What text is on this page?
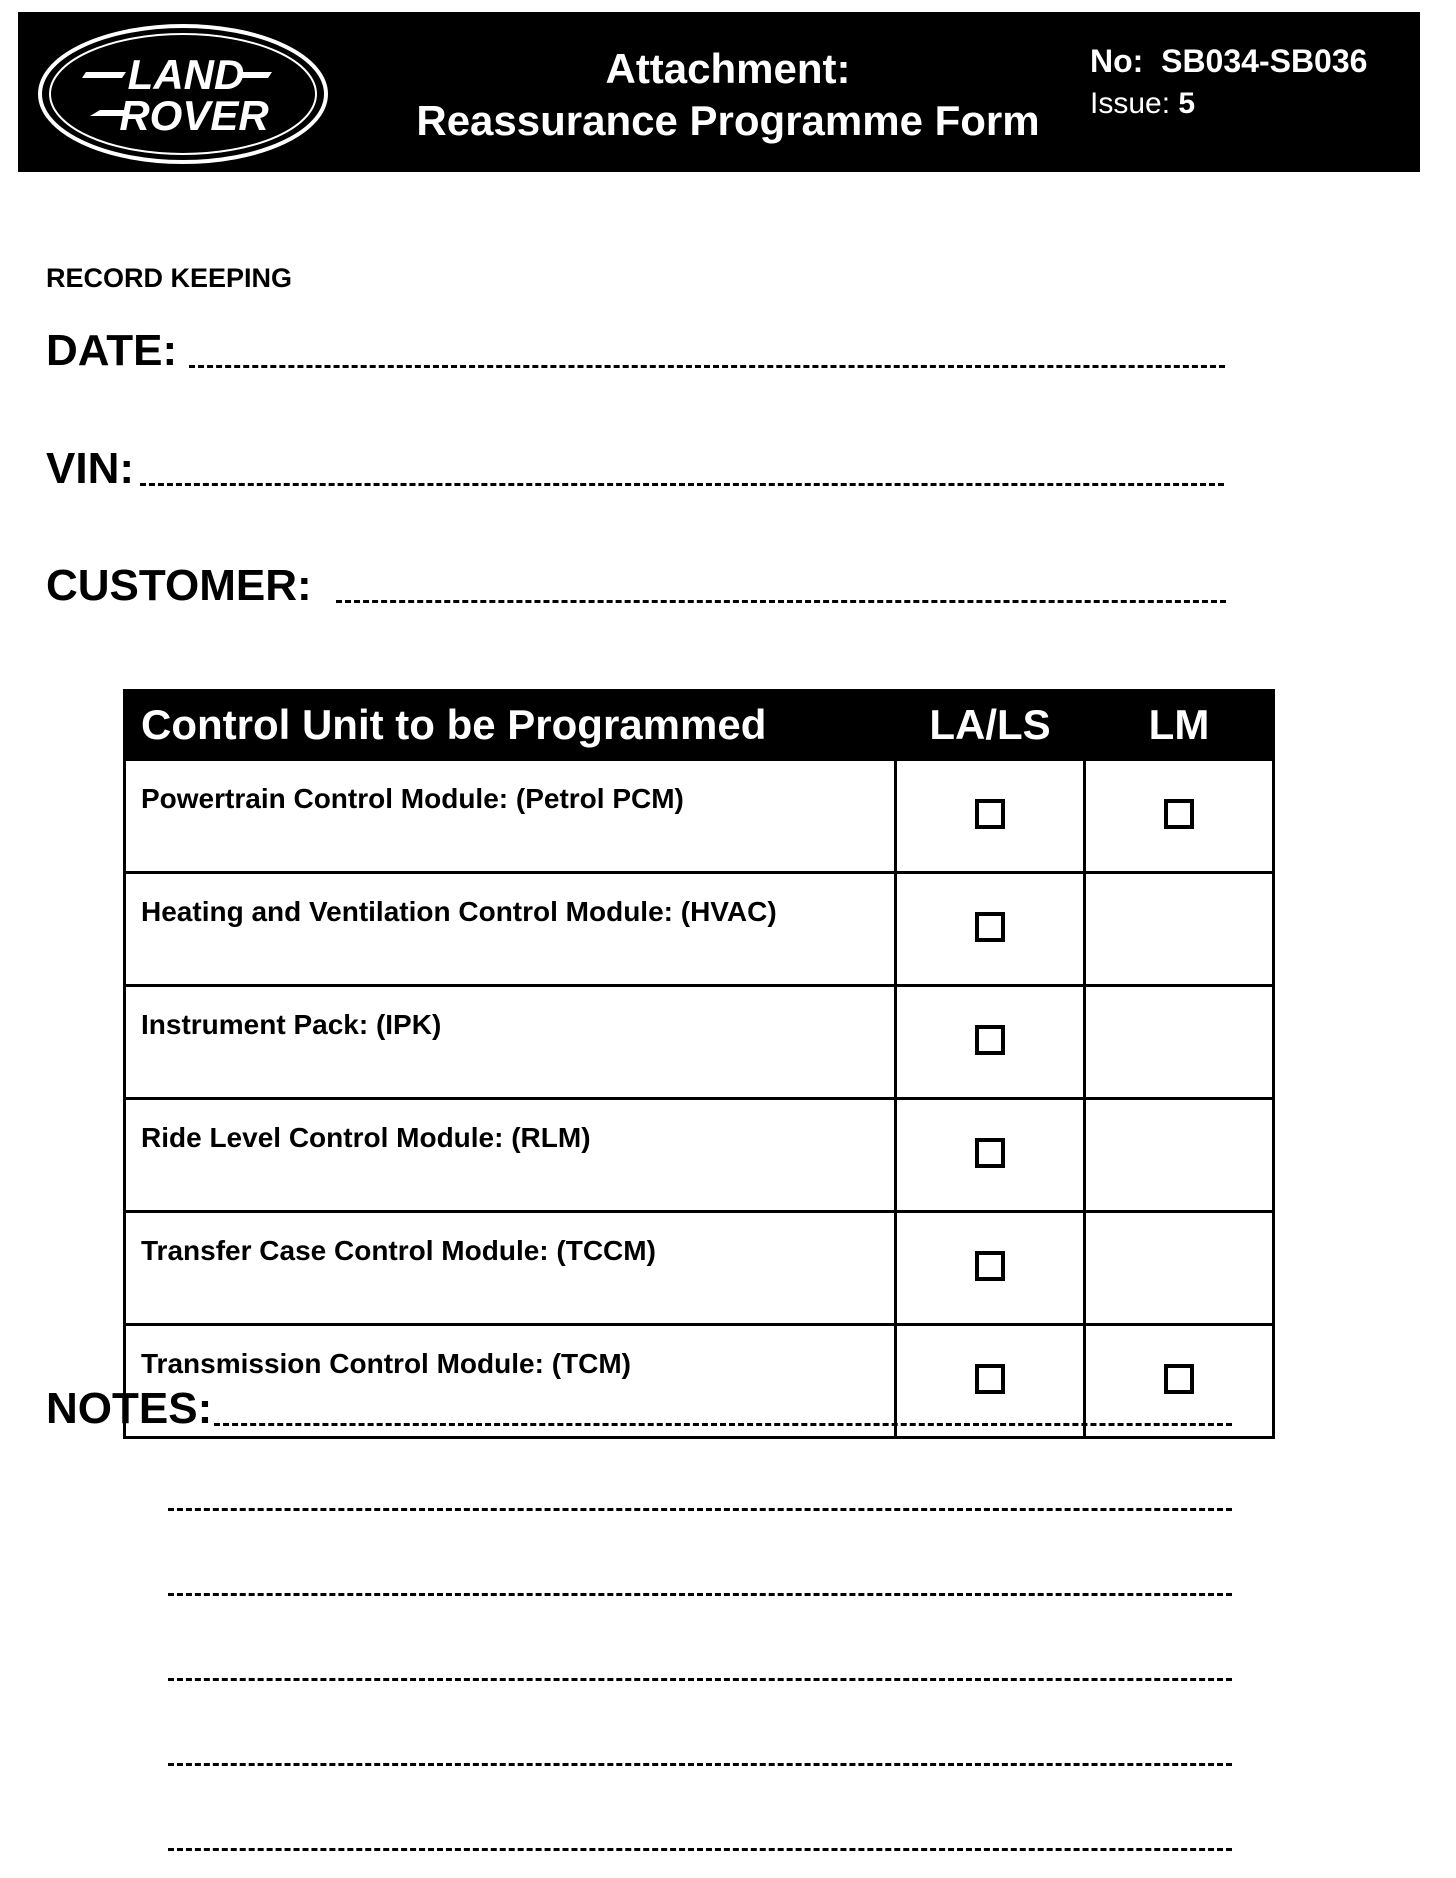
LAND
ROVER
Attachment:
Reassurance Programme Form
No: SB034-SB036
Issue: 5
RECORD KEEPING
DATE:
VIN:
CUSTOMER:
Control Unit to be Programmed	LA/LS	LM
Powertrain Control Module: (Petrol PCM)		
Heating and Ventilation Control Module: (HVAC)		
Instrument Pack: (IPK)		
Ride Level Control Module: (RLM)		
Transfer Case Control Module: (TCCM)		
Transmission Control Module: (TCM)		
NOTES:
